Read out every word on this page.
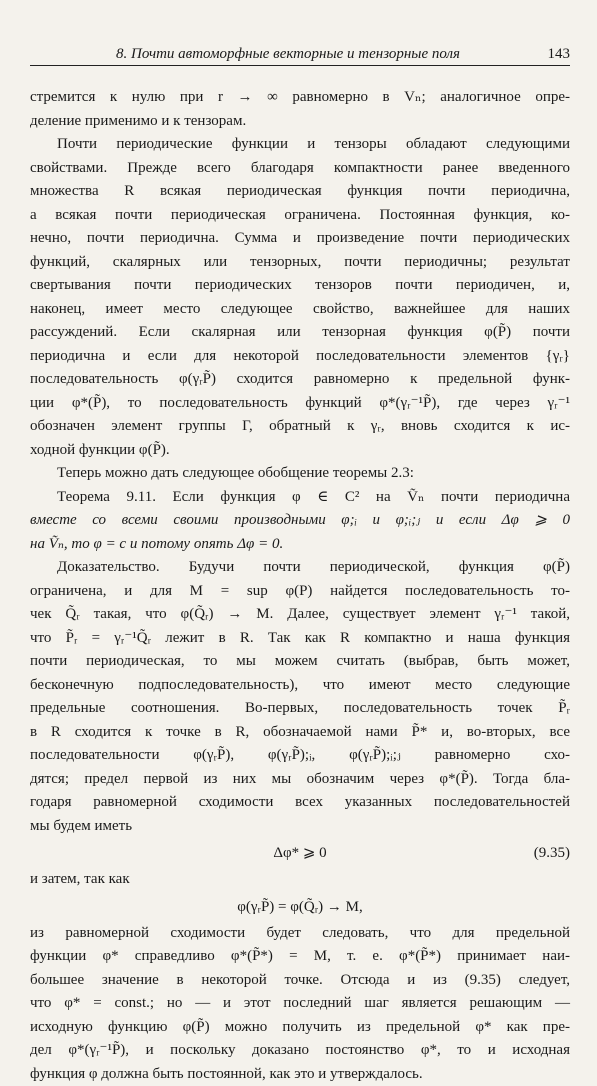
8. Почти автоморфные векторные и тензорные поля	143
стремится к нулю при r → ∞ равномерно в Vₙ; аналогичное опре-
деление применимо и к тензорам.
Почти периодические функции и тензоры обладают следующими
свойствами. Прежде всего благодаря компактности ранее введенного
множества R всякая периодическая функция почти периодична,
а всякая почти периодическая ограничена. Постоянная функция, ко-
нечно, почти периодична. Сумма и произведение почти периодических
функций, скалярных или тензорных, почти периодичны; результат
свертывания почти периодических тензоров почти периодичен, и,
наконец, имеет место следующее свойство, важнейшее для наших
рассуждений. Если скалярная или тензорная функция φ(P̃) почти
периодична и если для некоторой последовательности элементов {γᵣ}
последовательность φ(γᵣP̃) сходится равномерно к предельной функ-
ции φ*(P̃), то последовательность функций φ*(γᵣ⁻¹P̃), где через γᵣ⁻¹
обозначен элемент группы Γ, обратный к γᵣ, вновь сходится к ис-
ходной функции φ(P̃).
Теперь можно дать следующее обобщение теоремы 2.3:
Теорема 9.11. Если функция φ ∈ C² на Ṽₙ почти периодична
вместе со всеми своими производными φ;ᵢ и φ;ᵢ;ⱼ и если Δφ ⩾ 0
на Ṽₙ, то φ = c и потому опять Δφ = 0.
Доказательство. Будучи почти периодической, функция φ(P̃)
ограничена, и для M = sup φ(P) найдется последовательность то-
чек Q̃ᵣ такая, что φ(Q̃ᵣ) → M. Далее, существует элемент γᵣ⁻¹ такой,
что P̃ᵣ = γᵣ⁻¹Q̃ᵣ лежит в R. Так как R компактно и наша функция
почти периодическая, то мы можем считать (выбрав, быть может,
бесконечную подпоследовательность), что имеют место следующие
предельные соотношения. Во-первых, последовательность точек P̃ᵣ
в R сходится к точке в R, обозначаемой нами P̃* и, во-вторых, все
последовательности φ(γᵣP̃), φ(γᵣP̃);ᵢ, φ(γᵣP̃);ᵢ;ⱼ равномерно схо-
дятся; предел первой из них мы обозначим через φ*(P̃). Тогда бла-
годаря равномерной сходимости всех указанных последовательностей
мы будем иметь
Δφ* ⩾ 0	(9.35)
и затем, так как
φ(γᵣP̃) = φ(Q̃ᵣ) → M,
из равномерной сходимости будет следовать, что для предельной
функции φ* справедливо φ*(P̃*) = M, т. е. φ*(P̃*) принимает наи-
большее значение в некоторой точке. Отсюда и из (9.35) следует,
что φ* = const.; но — и этот последний шаг является решающим —
исходную функцию φ(P̃) можно получить из предельной φ* как пре-
дел φ*(γᵣ⁻¹P̃), и поскольку доказано постоянство φ*, то и исходная
функция φ должна быть постоянной, как это и утверждалось.
